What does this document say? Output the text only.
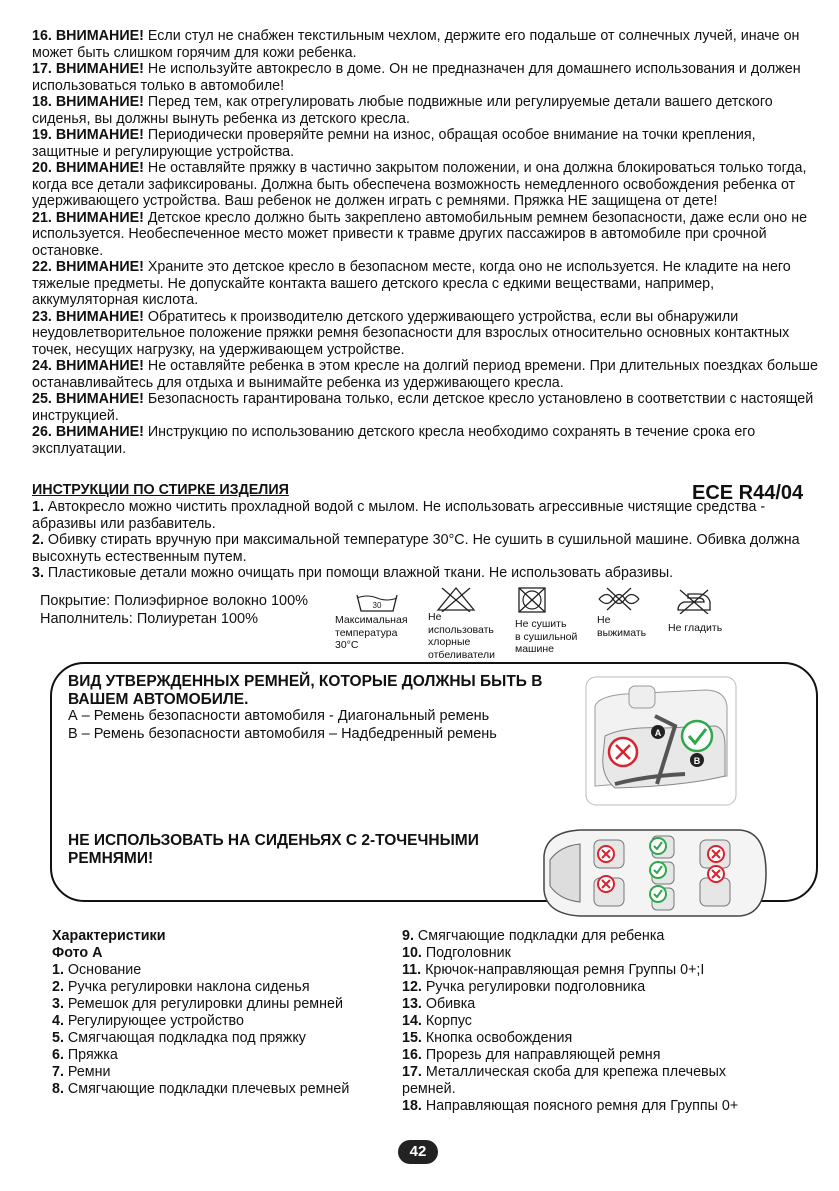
16. ВНИМАНИЕ! Если стул не снабжен текстильным чехлом, держите его подальше от солнечных лучей, иначе он может быть слишком горячим для кожи ребенка.

17. ВНИМАНИЕ! Не используйте автокресло в доме. Он не предназначен для домашнего использования и должен использоваться только в автомобиле!

18. ВНИМАНИЕ! Перед тем, как отрегулировать любые подвижные или регулируемые детали вашего детского сиденья, вы должны вынуть ребенка из детского кресла.

19. ВНИМАНИЕ! Периодически проверяйте ремни на износ, обращая особое внимание на точки крепления, защитные и регулирующие устройства.

20. ВНИМАНИЕ! Не оставляйте пряжку в частично закрытом положении, и она должна блокироваться только тогда, когда все детали зафиксированы. Должна быть обеспечена возможность немедленного освобождения ребенка от удерживающего устройства. Ваш ребенок не должен играть с ремнями. Пряжка НЕ защищена от дете!

21. ВНИМАНИЕ! Детское кресло должно быть закреплено автомобильным ремнем безопасности, даже если оно не используется. Необеспеченное место может привести к травме других пассажиров в автомобиле при срочной остановке.

22. ВНИМАНИЕ! Храните это детское кресло в безопасном месте, когда оно не используется. Не кладите на него тяжелые предметы. Не допускайте контакта вашего детского кресла с едкими веществами, например, аккумуляторная кислота.

23. ВНИМАНИЕ! Обратитесь к производителю детского удерживающего устройства, если вы обнаружили неудовлетворительное положение пряжки ремня безопасности для взрослых относительно основных контактных точек, несущих нагрузку, на удерживающем устройстве.

24. ВНИМАНИЕ! Не оставляйте ребенка в этом кресле на долгий период времени. При длительных поездках больше останавливайтесь для отдыха и вынимайте ребенка из удерживающего кресла.

25. ВНИМАНИЕ! Безопасность гарантирована только, если детское кресло установлено в соответствии с настоящей инструкцией.

26. ВНИМАНИЕ! Инструкцию по использованию детского кресла необходимо сохранять в течение срока его эксплуатации.

ИНСТРУКЦИИ ПО СТИРКЕ ИЗДЕЛИЯ	ECE R44/04

1. Автокресло можно чистить прохладной водой с мылом. Не использовать агрессивные чистящие средства - абразивы или разбавитель.

2. Обивку стирать вручную при максимальной температуре 30°C. Не сушить в сушильной машине. Обивка должна высохнуть естественным путем.

3. Пластиковые детали можно очищать при помощи влажной ткани. Не использовать абразивы.

Покрытие: Полиэфирное волокно 100%
Наполнитель: Полиуретан 100%
30
Максимальная
температура
30°C
Не
использовать
хлорные
отбеливатели
Не сушить
в сушильной
машине
Не
выжимать Не гладить
ВИД УТВЕРЖДЕННЫХ РЕМНЕЙ, КОТОРЫЕ ДОЛЖНЫ БЫТЬ В ВАШЕМ АВТОМОБИЛЕ.
А – Ремень безопасности автомобиля - Диагональный ремень
В – Ремень безопасности автомобиля – Надбедренный ремень
НЕ ИСПОЛЬЗОВАТЬ НА СИДЕНЬЯХ С 2-ТОЧЕЧНЫМИ РЕМНЯМИ!
A
B

Характеристики

Фото А

1. Основание

2. Ручка регулировки наклона сиденья

3. Ремешок для регулировки длины ремней

4. Регулирующее устройство

5. Смягчающая подкладка под пряжку

6. Пряжка

7. Ремни

8. Смягчающие подкладки плечевых ремней

9. Смягчающие подкладки для ребенка

10. Подголовник

11. Крючок-направляющая ремня Группы 0+;I

12. Ручка регулировки подголовника

13. Обивка

14. Корпус

15. Кнопка освобождения

16. Прорезь для направляющей ремня

17. Металлическая скоба для крепежа плечевых ремней.

18. Направляющая поясного ремня для Группы 0+

42
